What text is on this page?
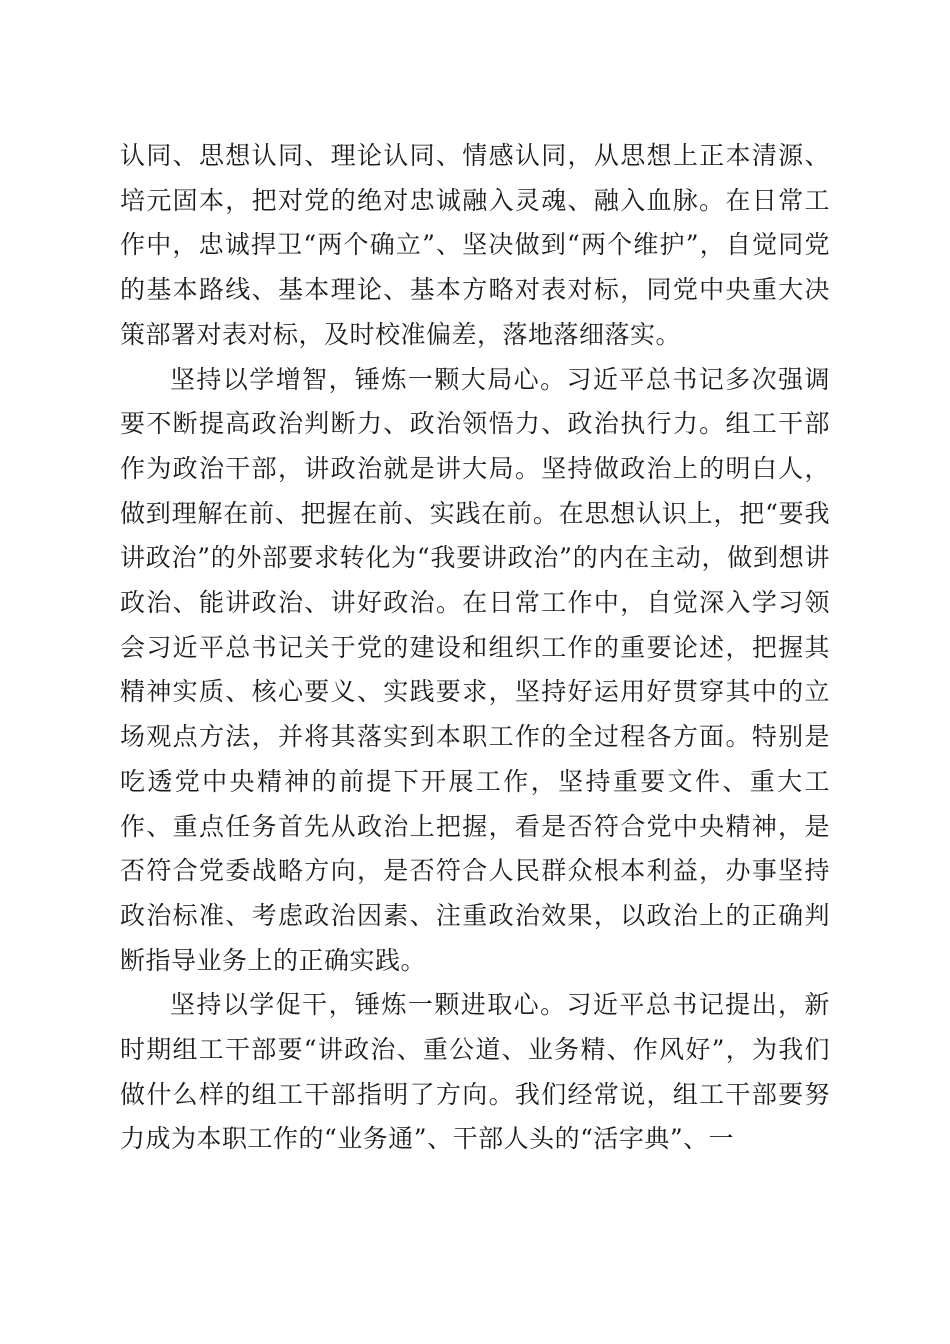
认同、思想认同、理论认同、情感认同，从思想上正本清源、培元固本，把对党的绝对忠诚融入灵魂、融入血脉。在日常工作中，忠诚捍卫“两个确立”、坚决做到“两个维护”，自觉同党的基本路线、基本理论、基本方略对表对标，同党中央重大决策部署对表对标，及时校准偏差，落地落细落实。

坚持以学增智，锤炼一颗大局心。习近平总书记多次强调要不断提高政治判断力、政治领悟力、政治执行力。组工干部作为政治干部，讲政治就是讲大局。坚持做政治上的明白人，做到理解在前、把握在前、实践在前。在思想认识上，把“要我讲政治”的外部要求转化为“我要讲政治”的内在主动，做到想讲政治、能讲政治、讲好政治。在日常工作中，自觉深入学习领会习近平总书记关于党的建设和组织工作的重要论述，把握其精神实质、核心要义、实践要求，坚持好运用好贯穿其中的立场观点方法，并将其落实到本职工作的全过程各方面。特别是吃透党中央精神的前提下开展工作，坚持重要文件、重大工作、重点任务首先从政治上把握，看是否符合党中央精神，是否符合党委战略方向，是否符合人民群众根本利益，办事坚持政治标准、考虑政治因素、注重政治效果，以政治上的正确判断指导业务上的正确实践。

坚持以学促干，锤炼一颗进取心。习近平总书记提出，新时期组工干部要“讲政治、重公道、业务精、作风好”，为我们做什么样的组工干部指明了方向。我们经常说，组工干部要努力成为本职工作的“业务通”、干部人头的“活字典”、一
